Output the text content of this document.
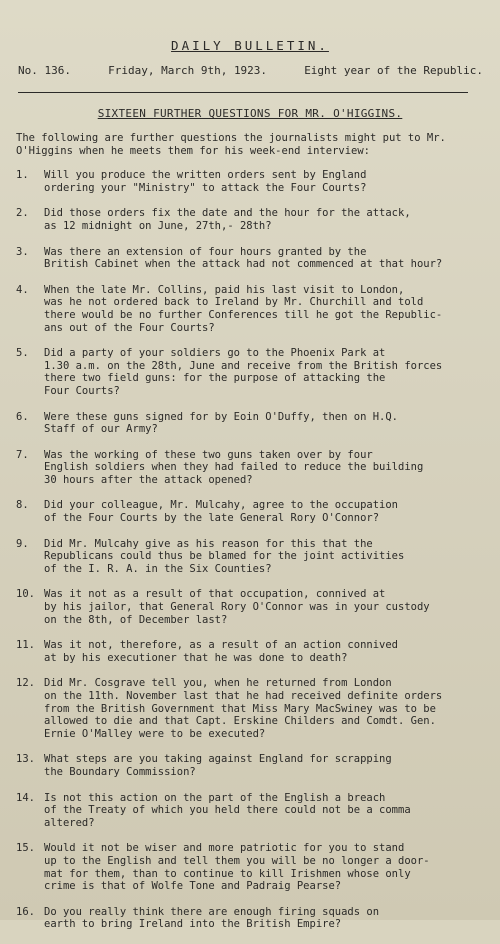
DAILY BULLETIN.
No. 136.	Friday, March 9th, 1923.	Eight year of the Republic.
SIXTEEN FURTHER QUESTIONS FOR MR. O'HIGGINS.

The following are further questions the journalists might put to Mr. O'Higgins when he meets them for his week-end interview:

1.	Will you produce the written orders sent by England
ordering your "Ministry" to attack the Four Courts?
2.	Did those orders fix the date and the hour for the attack,
as 12 midnight on June, 27th,- 28th?
3.	Was there an extension of four hours granted by the
British Cabinet when the attack had not commenced at that hour?
4.	When the late Mr. Collins, paid his last visit to London,
was he not ordered back to Ireland by Mr. Churchill and told
there would be no further Conferences till he got the Republic-
ans out of the Four Courts?
5.	Did a party of your soldiers go to the Phoenix Park at
1.30 a.m. on the 28th, June and receive from the British forces
there two field guns: for the purpose of attacking the
Four Courts?
6.	Were these guns signed for by Eoin O'Duffy, then on H.Q.
Staff of our Army?
7.	Was the working of these two guns taken over by four
English soldiers when they had failed to reduce the building
30 hours after the attack opened?
8.	Did your colleague, Mr. Mulcahy, agree to the occupation
of the Four Courts by the late General Rory O'Connor?
9.	Did Mr. Mulcahy give as his reason for this that the
Republicans could thus be blamed for the joint activities
of the I. R. A. in the Six Counties?
10. Was it not as a result of that occupation, connived at
by his jailor, that General Rory O'Connor was in your custody
on the 8th, of December last?
11. Was it not, therefore, as a result of an action connived
at by his executioner that he was done to death?
12. Did Mr. Cosgrave tell you, when he returned from London
on the 11th. November last that he had received definite orders
from the British Government that Miss Mary MacSwiney was to be
allowed to die and that Capt. Erskine Childers and Comdt. Gen.
Ernie O'Malley were to be executed?
13. What steps are you taking against England for scrapping
the Boundary Commission?
14. Is not this action on the part of the English a breach
of the Treaty of which you held there could not be a comma
altered?
15. Would it not be wiser and more patriotic for you to stand
up to the English and tell them you will be no longer a door-
mat for them, than to continue to kill Irishmen whose only
crime is that of Wolfe Tone and Padraig Pearse?
16. Do you really think there are enough firing squads on
earth to bring Ireland into the British Empire?
